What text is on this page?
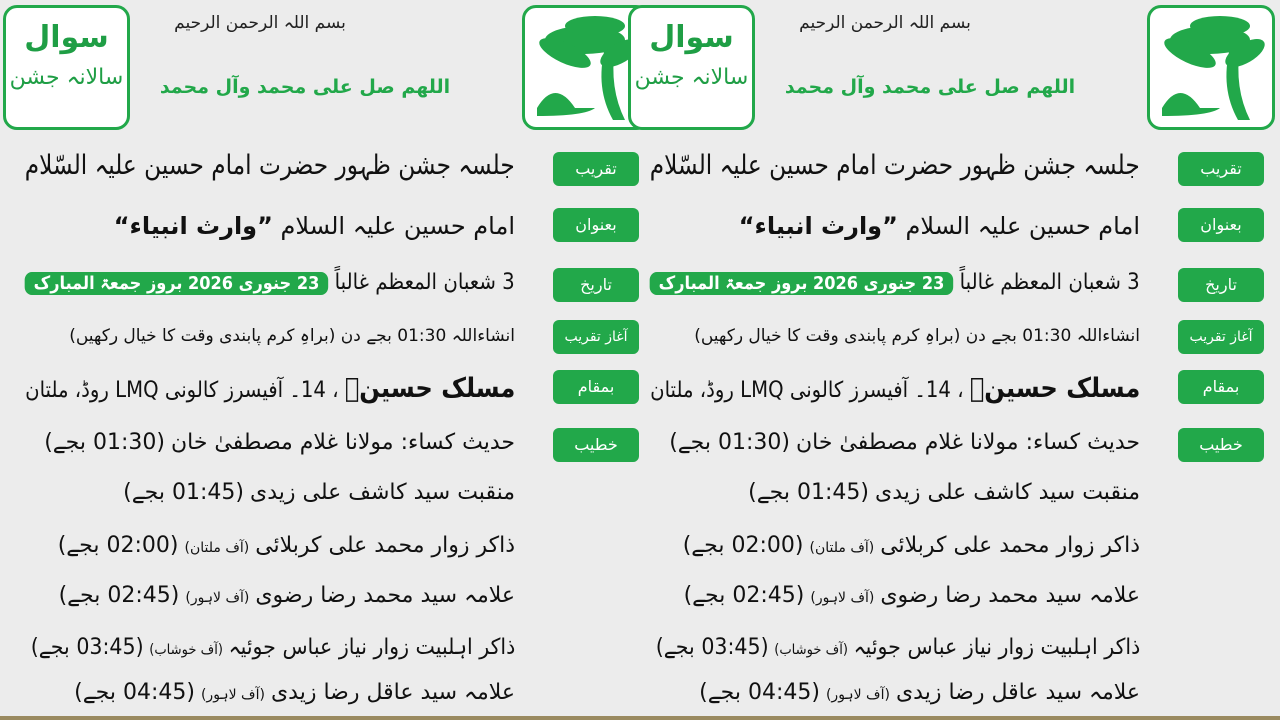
سوال
سالانہ جشن
بسم اللہ الرحمن الرحیم
اللھم صل علی محمد وآل محمد
تقریب
بعنوان
تاریخ
آغاز تقریب
بمقام
خطیب
جلسہ جشن ظہور حضرت امام حسین علیہ السّلام
امام حسین علیہ السلام ”وارث انبیاء“
3 شعبان المعظم غالباً 23 جنوری 2026 بروز جمعۃ المبارک
انشاءاللہ 01:30 بجے دن (براہِ کرم پابندی وقت کا خیال رکھیں)
مسلک حسینؑ ، 14۔ آفیسرز کالونی LMQ روڈ، ملتان
حدیث کساء: مولانا غلام مصطفیٰ خان(01:30 بجے)
منقبت سید کاشف علی زیدی(01:45 بجے)
ذاکر زوار محمد علی کربلائی(آف ملتان)(02:00 بجے)
علامہ سید محمد رضا رضوی(آف لاہور)(02:45 بجے)
ذاکر اہلبیت زوار نیاز عباس جوئیہ(آف خوشاب)(03:45 بجے)
علامہ سید عاقل رضا زیدی(آف لاہور)(04:45 بجے)
سوال
سالانہ جشن
بسم اللہ الرحمن الرحیم
اللھم صل علی محمد وآل محمد
تقریب
بعنوان
تاریخ
آغاز تقریب
بمقام
خطیب
جلسہ جشن ظہور حضرت امام حسین علیہ السّلام
امام حسین علیہ السلام ”وارث انبیاء“
3 شعبان المعظم غالباً 23 جنوری 2026 بروز جمعۃ المبارک
انشاءاللہ 01:30 بجے دن (براہِ کرم پابندی وقت کا خیال رکھیں)
مسلک حسینؑ ، 14۔ آفیسرز کالونی LMQ روڈ، ملتان
حدیث کساء: مولانا غلام مصطفیٰ خان(01:30 بجے)
منقبت سید کاشف علی زیدی(01:45 بجے)
ذاکر زوار محمد علی کربلائی(آف ملتان)(02:00 بجے)
علامہ سید محمد رضا رضوی(آف لاہور)(02:45 بجے)
ذاکر اہلبیت زوار نیاز عباس جوئیہ(آف خوشاب)(03:45 بجے)
علامہ سید عاقل رضا زیدی(آف لاہور)(04:45 بجے)
